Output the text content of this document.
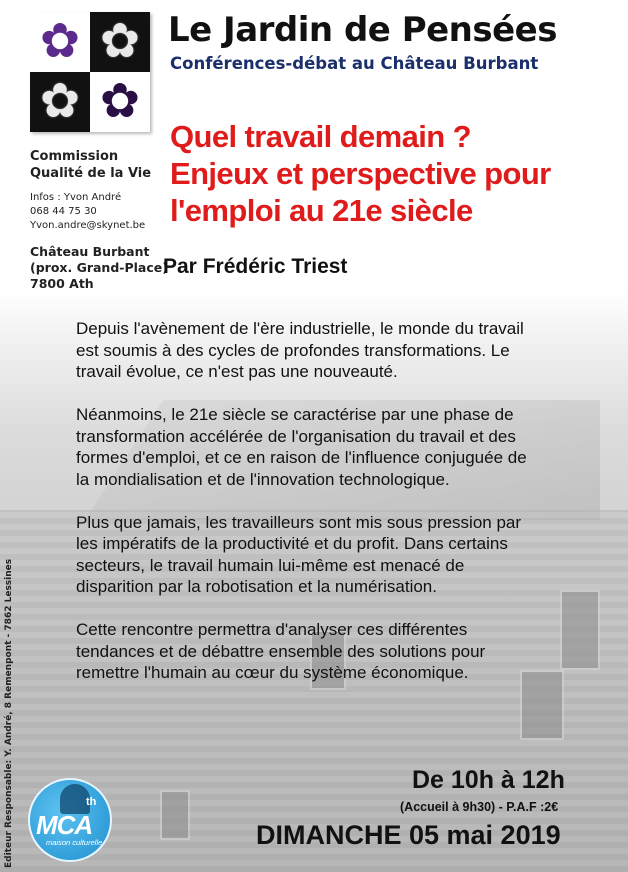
✿ ✿
✿ ✿
Le Jardin de Pensées
Conférences-débat au Château Burbant
Quel travail demain ?
Enjeux et perspective pour
l'emploi au 21e siècle
Commission
Qualité de la Vie
Infos : Yvon André
068 44 75 30
Yvon.andre@skynet.be
Château Burbant
(prox. Grand-Place)
7800 Ath
Par Frédéric Triest

Depuis l'avènement de l'ère industrielle, le monde du travail
est soumis à des cycles de profondes transformations. Le
travail évolue, ce n'est pas une nouveauté.

Néanmoins, le 21e siècle se caractérise par une phase de
transformation accélérée de l'organisation du travail et des
formes d'emploi, et ce en raison de l'influence conjuguée de
la mondialisation et de l'innovation technologique.

Plus que jamais, les travailleurs sont mis sous pression par
les impératifs de la productivité et du profit. Dans certains
secteurs, le travail humain lui-même est menacé de
disparition par la robotisation et la numérisation.

Cette rencontre permettra d'analyser ces différentes
tendances et de débattre ensemble des solutions pour
remettre l'humain au cœur du système économique.

De 10h à 12h
(Accueil à 9h30) - P.A.F :2€
DIMANCHE 05 mai 2019
Editeur Responsable: Y. André, 8 Remenpont - 7862 Lessines MCA
th
maison culturelle
